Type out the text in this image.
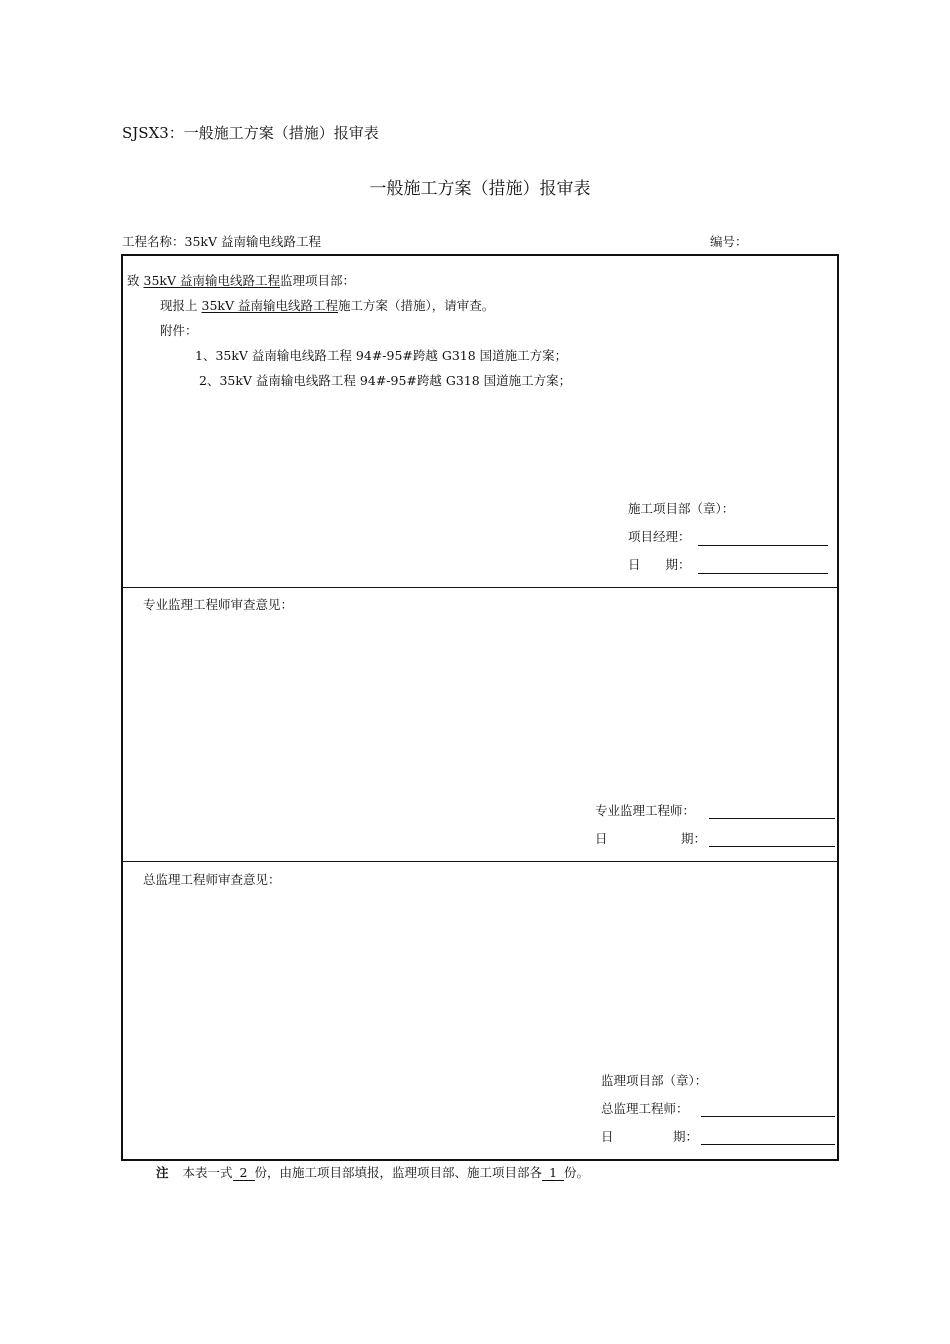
SJSX3：一般施工方案（措施）报审表
一般施工方案（措施）报审表
工程名称：35kV 益南输电线路工程	编号：
致 35kV 益南输电线路工程监理项目部：
现报上 35kV 益南输电线路工程施工方案（措施），请审查。
附件：
1、35kV 益南输电线路工程 94#-95#跨越 G318 国道施工方案；
2、35kV 益南输电线路工程 94#-95#跨越 G318 国道施工方案；
施工项目部（章）：
项目经理：
日　　期：
专业监理工程师审查意见：
专业监理工程师：
日	期：
总监理工程师审查意见：
监理项目部（章）：
总监理工程师：
日	期：
注 本表一式 2 份，由施工项目部填报，监理项目部、施工项目部各 1 份。
